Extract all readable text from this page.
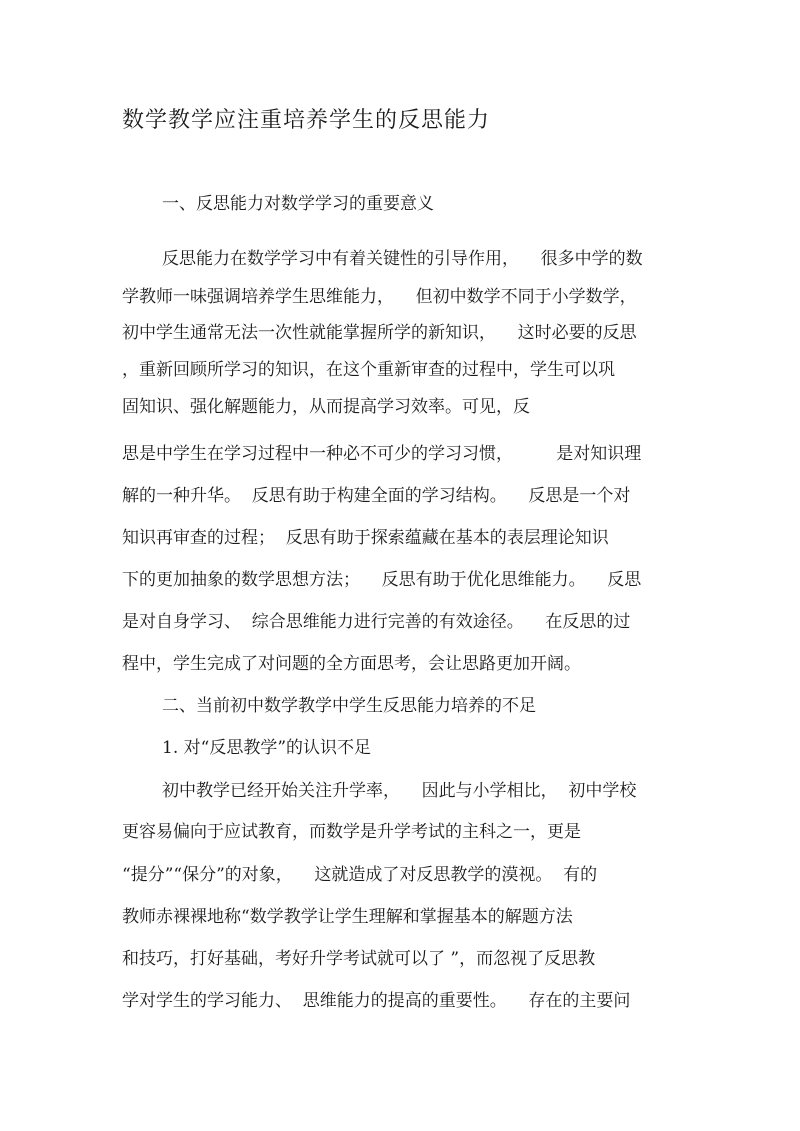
数学教学应注重培养学生的反思能力
一、反思能力对数学学习的重要意义
反思能力在数学学习中有着关键性的引导作用，    很多中学的数
学教师一味强调培养学生思维能力，    但初中数学不同于小学数学，
初中学生通常无法一次性就能掌握所学的新知识，    这时必要的反思
，重新回顾所学习的知识，在这个重新审查的过程中，学生可以巩
固知识、强化解题能力，从而提高学习效率。可见，反
思是中学生在学习过程中一种必不可少的学习习惯，        是对知识理
解的一种升华。  反思有助于构建全面的学习结构。    反思是一个对
知识再审查的过程；  反思有助于探索蕴藏在基本的表层理论知识
下的更加抽象的数学思想方法；    反思有助于优化思维能力。    反思
是对自身学习、  综合思维能力进行完善的有效途径。    在反思的过
程中，学生完成了对问题的全方面思考，会让思路更加开阔。
二、当前初中数学教学中学生反思能力培养的不足
1. 对“反思教学”的认识不足
初中教学已经开始关注升学率，    因此与小学相比，  初中学校
更容易偏向于应试教育，而数学是升学考试的主科之一，更是
“提分”“保分”的对象，    这就造成了对反思教学的漠视。  有的
教师赤裸裸地称“数学教学让学生理解和掌握基本的解题方法
和技巧，打好基础，考好升学考试就可以了 ”，而忽视了反思教
学对学生的学习能力、  思维能力的提高的重要性。    存在的主要问
